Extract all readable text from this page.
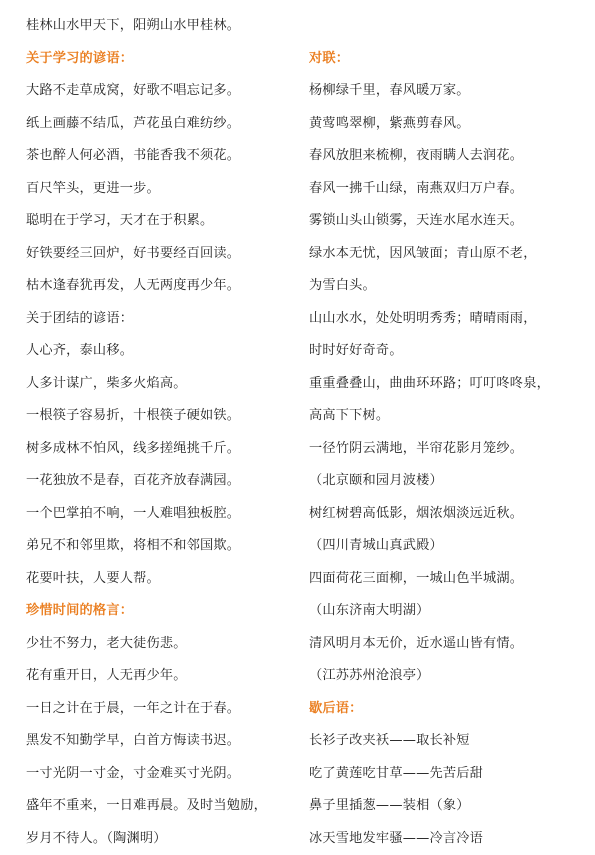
桂林山水甲天下，阳朔山水甲桂林。
关于学习的谚语：
大路不走草成窝，好歌不唱忘记多。
纸上画藤不结瓜，芦花虽白难纺纱。
茶也醉人何必酒，书能香我不须花。
百尺竿头，更进一步。
聪明在于学习，天才在于积累。
好铁要经三回炉，好书要经百回读。
枯木逢春犹再发，人无两度再少年。
关于团结的谚语：
人心齐，泰山移。
人多计谋广，柴多火焰高。
一根筷子容易折，十根筷子硬如铁。
树多成林不怕风，线多搓绳挑千斤。
一花独放不是春，百花齐放春满园。
一个巴掌拍不响，一人难唱独板腔。
弟兄不和邻里欺，将相不和邻国欺。
花要叶扶，人要人帮。
珍惜时间的格言：
少壮不努力，老大徒伤悲。
花有重开日，人无再少年。
一日之计在于晨，一年之计在于春。
黑发不知勤学早，白首方悔读书迟。
一寸光阴一寸金，寸金难买寸光阴。
盛年不重来，一日难再晨。及时当勉励，
岁月不待人。（陶渊明）
对联：
杨柳绿千里，春风暖万家。
黄莺鸣翠柳，紫燕剪春风。
春风放胆来梳柳，夜雨瞒人去润花。
春风一拂千山绿，南燕双归万户春。
雾锁山头山锁雾，天连水尾水连天。
绿水本无忧，因风皱面；青山原不老，
为雪白头。
山山水水，处处明明秀秀；晴晴雨雨，
时时好好奇奇。
重重叠叠山，曲曲环环路；叮叮咚咚泉，
高高下下树。
一径竹阴云满地，半帘花影月笼纱。
（北京颐和园月波楼）
树红树碧高低影，烟浓烟淡远近秋。
（四川青城山真武殿）
四面荷花三面柳，一城山色半城湖。
（山东济南大明湖）
清风明月本无价，近水遥山皆有情。
（江苏苏州沧浪亭）
歇后语：
长衫子改夹袄——取长补短
吃了黄莲吃甘草——先苦后甜
鼻子里插葱——装相（象）
冰天雪地发牢骚——冷言冷语
